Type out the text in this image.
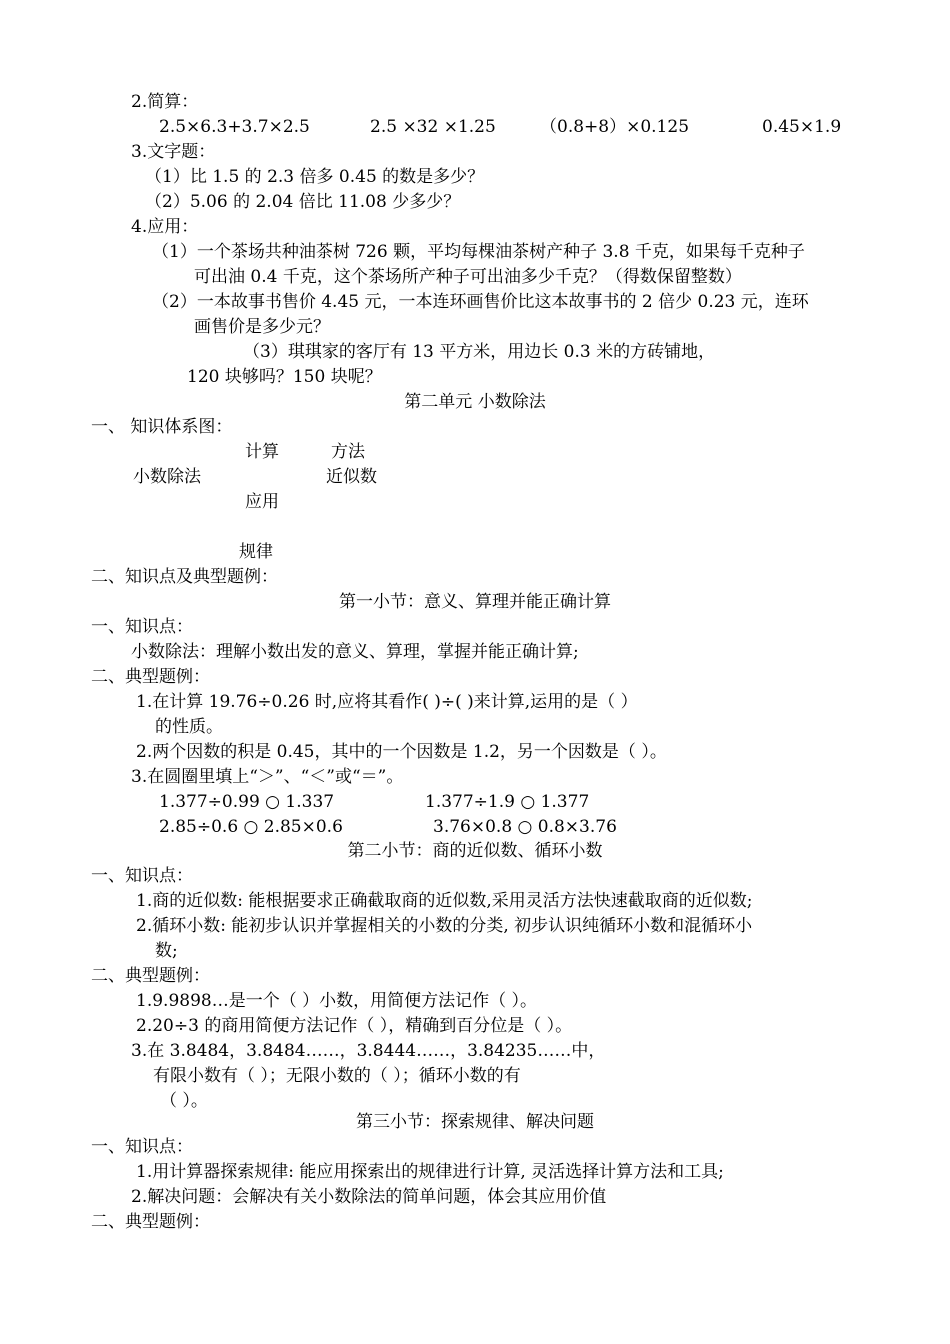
2.简算：
2.5×6.3+3.7×2.5	2.5 ×32 ×1.25	（0.8+8）×0.125	0.45×1.9
3.文字题：
（1）比 1.5 的 2.3 倍多 0.45 的数是多少？
（2）5.06 的 2.04 倍比 11.08 少多少？
4.应用：
（1）一个茶场共种油茶树 726 颗，平均每棵油茶树产种子 3.8 千克，如果每千克种子
可出油 0.4 千克，这个茶场所产种子可出油多少千克？（得数保留整数）
（2）一本故事书售价 4.45 元，一本连环画售价比这本故事书的 2 倍少 0.23 元，连环
画售价是多少元？
（3）琪琪家的客厅有 13 平方米，用边长 0.3 米的方砖铺地，
120 块够吗？150 块呢？
第二单元 小数除法
一、 知识体系图：
计算	方法
小数除法	近似数
应用
规律
二、知识点及典型题例：
第一小节：意义、算理并能正确计算
一、知识点：
小数除法：理解小数出发的意义、算理，掌握并能正确计算;
二、典型题例：
1.在计算 19.76÷0.26 时,应将其看作( )÷( )来计算,运用的是（ ）
的性质。
2.两个因数的积是 0.45，其中的一个因数是 1.2，另一个因数是（ ）。
3.在圆圈里填上“＞”、“＜”或“＝”。
1.377÷0.99 ○ 1.337	1.377÷1.9 ○ 1.377
2.85÷0.6 ○ 2.85×0.6	3.76×0.8 ○ 0.8×3.76
第二小节：商的近似数、循环小数
一、知识点：
1.商的近似数: 能根据要求正确截取商的近似数,采用灵活方法快速截取商的近似数;
2.循环小数: 能初步认识并掌握相关的小数的分类, 初步认识纯循环小数和混循环小
数;
二、典型题例：
1.9.9898…是一个（ ）小数，用简便方法记作（ ）。
2.20÷3 的商用简便方法记作（ ），精确到百分位是（ ）。
3.在 3.8484，3.8484……，3.8444……，3.84235……中，
有限小数有（ ）；无限小数的（ ）；循环小数的有
（ ）。
第三小节：探索规律、解决问题
一、知识点：
1.用计算器探索规律: 能应用探索出的规律进行计算, 灵活选择计算方法和工具;
2.解决问题：会解决有关小数除法的简单问题，体会其应用价值
二、典型题例：
